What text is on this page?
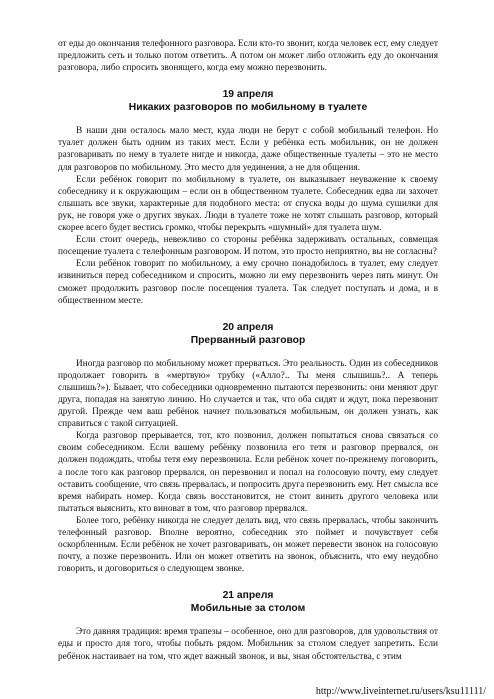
от еды до окончания телефонного разговора. Если кто-то звонит, когда человек ест, ему следует предложить сеть и только потом ответить. А потом он может либо отложить еду до окончания разговора, либо спросить звонящего, когда ему можно перезвонить.

19 апреля
Никаких разговоров по мобильному в туалете

В наши дни осталось мало мест, куда люди не берут с собой мобильный телефон. Но туалет должен быть одним из таких мест. Если у ребёнка есть мобильник, он не должен разговаривать по нему в туалете нигде и никогда, даже общественные туалеты – это не место для разговоров по мобильному. Это место для уединения, а не для общения.

Если ребёнок говорит по мобильному в туалете, он выказывает неуважение к своему собеседнику и к окружающим – если он в общественном туалете. Собеседник едва ли захочет слышать все звуки, характерные для подобного места: от спуска воды до шума сушилки для рук, не говоря уже о других звуках. Люди в туалете тоже не хотят слышать разговор, который скорее всего будет вестись громко, чтобы перекрыть «шумный» для туалета шум.

Если стоит очередь, невежливо со стороны ребёнка задерживать остальных, совмещая посещение туалета с телефонным разговором. И потом, это просто неприятно, вы не согласны?

Если ребёнок говорит по мобильному, а ему срочно понадобилось в туалет, ему следует извиниться перед собеседником и спросить, можно ли ему перезвонить через пять минут. Он сможет продолжить разговор после посещения туалета. Так следует поступать и дома, и в общественном месте.

20 апреля
Прерванный разговор

Иногда разговор по мобильному может прерваться. Это реальность. Один из собеседников продолжает говорить в «мертвую» трубку («Алло?.. Ты меня слышишь?.. А теперь слышишь?»). Бывает, что собеседники одновременно пытаются перезвонить: они меняют друг друга, попадая на занятую линию. Но случается и так, что оба сидят и ждут, пока перезвонит другой. Прежде чем ваш ребёнок начнет пользоваться мобильным, он должен узнать, как справиться с такой ситуацией.

Когда разговор прерывается, тот, кто позвонил, должен попытаться снова связаться со своим собеседником. Если вашему ребёнку позвонила его тетя и разговор прервался, он должен подождать, чтобы тетя ему перезвонила. Если ребёнок хочет по-прежнему поговорить, а после того как разговор прервался, он перезвонил и попал на голосовую почту, ему следует оставить сообщение, что связь прервалась, и попросить друга перезвонить ему. Нет смысла все время набирать номер. Когда связь восстановится, не стоит винить другого человека или пытаться выяснить, кто виноват в том, что разговор прервался.

Более того, ребёнку никогда не следует делать вид, что связь прервалась, чтобы закончить телефонный разговор. Вполне вероятно, собеседник это поймет и почувствует себя оскорбленным. Если ребёнок не хочет разговаривать, он может перевести звонок на голосовую почту, а позже перезвонить. Или он может ответить на звонок, объяснить, что ему неудобно говорить, и договориться о следующем звонке.

21 апреля
Мобильные за столом

Это давняя традиция: время трапезы – особенное, оно для разговоров, для удовольствия от еды и просто для того, чтобы побыть рядом. Мобильник за столом следует запретить. Если ребёнок настаивает на том, что ждет важный звонок, и вы, зная обстоятельства, с этим

http://www.liveinternet.ru/users/ksu11111/
